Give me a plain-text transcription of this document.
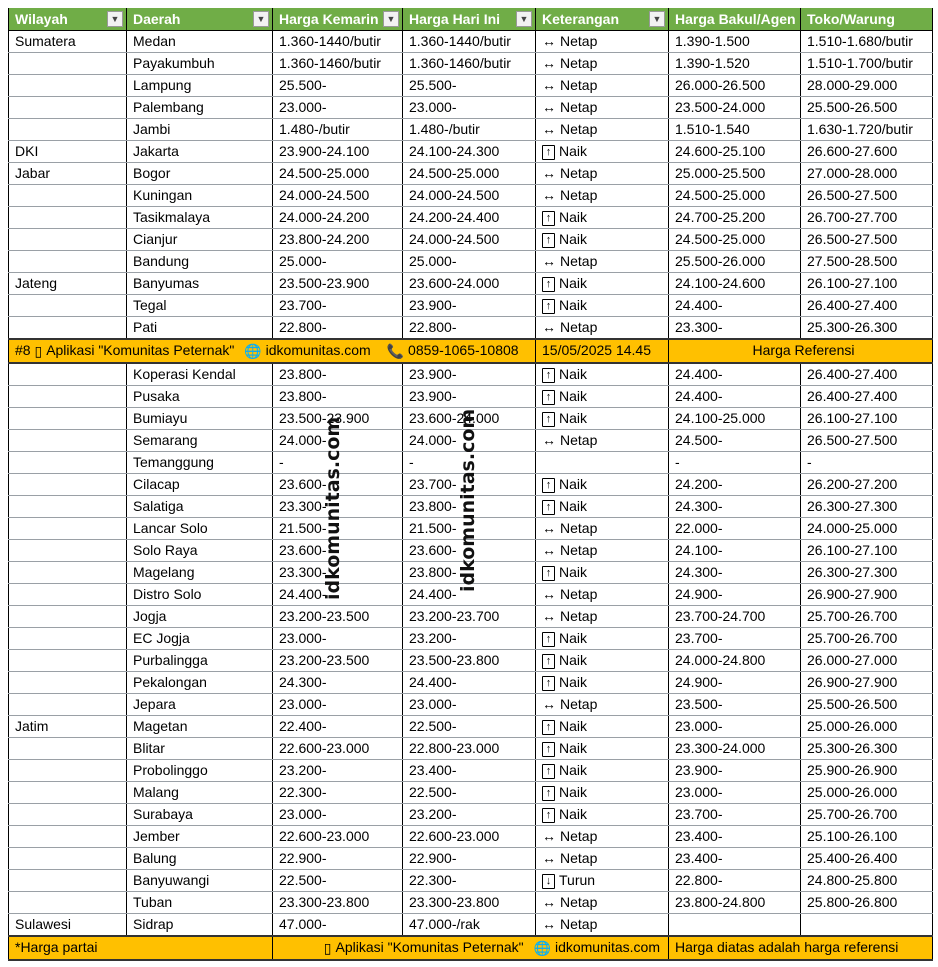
Wilayah ▼	Daerah ▼	Harga Kemarin ▼	Harga Hari Ini ▼	Keterangan ▼	Harga Bakul/Agen	Toko/Warung
Sumatera	Medan	1.360-1440/butir	1.360-1440/butir	↔ Netap	1.390-1.500	1.510-1.680/butir
	Payakumbuh	1.360-1460/butir	1.360-1460/butir	↔ Netap	1.390-1.520	1.510-1.700/butir
	Lampung	25.500-	25.500-	↔ Netap	26.000-26.500	28.000-29.000
	Palembang	23.000-	23.000-	↔ Netap	23.500-24.000	25.500-26.500
	Jambi	1.480-/butir	1.480-/butir	↔ Netap	1.510-1.540	1.630-1.720/butir
DKI	Jakarta	23.900-24.100	24.100-24.300	↑ Naik	24.600-25.100	26.600-27.600
Jabar	Bogor	24.500-25.000	24.500-25.000	↔ Netap	25.000-25.500	27.000-28.000
	Kuningan	24.000-24.500	24.000-24.500	↔ Netap	24.500-25.000	26.500-27.500
	Tasikmalaya	24.000-24.200	24.200-24.400	↑ Naik	24.700-25.200	26.700-27.700
	Cianjur	23.800-24.200	24.000-24.500	↑ Naik	24.500-25.000	26.500-27.500
	Bandung	25.000-	25.000-	↔ Netap	25.500-26.000	27.500-28.500
Jateng	Banyumas	23.500-23.900	23.600-24.000	↑ Naik	24.100-24.600	26.100-27.100
	Tegal	23.700-	23.900-	↑ Naik	24.400-	26.400-27.400
	Pati	22.800-	22.800-	↔ Netap	23.300-	25.300-26.300
#8 ▯ Aplikasi "Komunitas Peternak" 🌐 idkomunitas.com 📞 0859-1065-10808				15/05/2025 14.45	Harga Referensi	
	Koperasi Kendal	23.800-	23.900-	↑ Naik	24.400-	26.400-27.400
	Pusaka	23.800-	23.900-	↑ Naik	24.400-	26.400-27.400
	Bumiayu	23.500-23.900	23.600-24.000	↑ Naik	24.100-25.000	26.100-27.100
	Semarang	24.000-	24.000-	↔ Netap	24.500-	26.500-27.500
	Temanggung	-	-		-	-
	Cilacap	23.600-	23.700-	↑ Naik	24.200-	26.200-27.200
	Salatiga	23.300-	23.800-	↑ Naik	24.300-	26.300-27.300
	Lancar Solo	21.500-	21.500-	↔ Netap	22.000-	24.000-25.000
	Solo Raya	23.600-	23.600-	↔ Netap	24.100-	26.100-27.100
	Magelang	23.300-	23.800-	↑ Naik	24.300-	26.300-27.300
	Distro Solo	24.400-	24.400-	↔ Netap	24.900-	26.900-27.900
	Jogja	23.200-23.500	23.200-23.700	↔ Netap	23.700-24.700	25.700-26.700
	EC Jogja	23.000-	23.200-	↑ Naik	23.700-	25.700-26.700
	Purbalingga	23.200-23.500	23.500-23.800	↑ Naik	24.000-24.800	26.000-27.000
	Pekalongan	24.300-	24.400-	↑ Naik	24.900-	26.900-27.900
	Jepara	23.000-	23.000-	↔ Netap	23.500-	25.500-26.500
Jatim	Magetan	22.400-	22.500-	↑ Naik	23.000-	25.000-26.000
	Blitar	22.600-23.000	22.800-23.000	↑ Naik	23.300-24.000	25.300-26.300
	Probolinggo	23.200-	23.400-	↑ Naik	23.900-	25.900-26.900
	Malang	22.300-	22.500-	↑ Naik	23.000-	25.000-26.000
	Surabaya	23.000-	23.200-	↑ Naik	23.700-	25.700-26.700
	Jember	22.600-23.000	22.600-23.000	↔ Netap	23.400-	25.100-26.100
	Balung	22.900-	22.900-	↔ Netap	23.400-	25.400-26.400
	Banyuwangi	22.500-	22.300-	↓ Turun	22.800-	24.800-25.800
	Tuban	23.300-23.800	23.300-23.800	↔ Netap	23.800-24.800	25.800-26.800
Sulawesi	Sidrap	47.000-	47.000-/rak	↔ Netap		
*Harga partai		▯ Aplikasi "Komunitas Peternak" 🌐 idkomunitas.com			Harga diatas adalah harga referensi	
idkomunitas.com	idkomunitas.com
